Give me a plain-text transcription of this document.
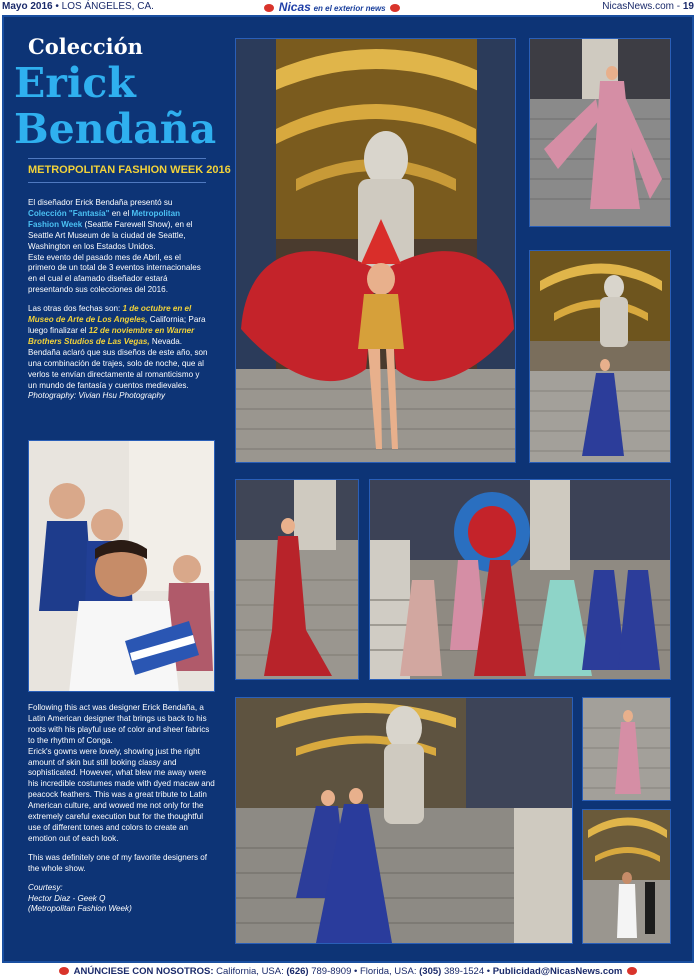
Mayo 2016 • LOS ÁNGELES, CA.	Nicas en el exterior news	NicasNews.com - 19
Colección
Erick
Bendaña
METROPOLITAN FASHION WEEK 2016

El diseñador Erick Bendaña presentó su Colección "Fantasía" en el Metropolitan Fashion Week (Seattle Farewell Show), en el Seattle Art Museum de la ciudad de Seattle, Washington en los Estados Unidos.
Este evento del pasado mes de Abril, es el primero de un total de 3 eventos internacionales en el cual el afamado diseñador estará presentando sus colecciones del 2016.

Las otras dos fechas son: 1 de octubre en el Museo de Arte de Los Angeles, California; Para luego finalizar el 12 de noviembre en Warner Brothers Studios de Las Vegas, Nevada.
Bendaña aclaró que sus diseños de este año, son una combinación de trajes, solo de noche, que al verlos te envían directamente al romanticismo y un mundo de fantasía y cuentos medievales.
Photography: Vivian Hsu Photography

Following this act was designer Erick Bendaña, a Latin American designer that brings us back to his roots with his playful use of color and sheer fabrics to the rhythm of Conga.

Erick's gowns were lovely, showing just the right amount of skin but still looking classy and sophisticated. However, what blew me away were his incredible costumes made with dyed macaw and peacock feathers. This was a great tribute to Latin American culture, and wowed me not only for the extremely careful execution but for the thoughtful use of different tones and colors to create an emotion out of each look.

This was definitely one of my favorite designers of the whole show.

Courtesy:
Hector Diaz - Geek Q
(Metropolitan Fashion Week)

ANÚNCIESE CON NOSOTROS: California, USA: (626) 789-8909 • Florida, USA: (305) 389-1524 • Publicidad@NicasNews.com
